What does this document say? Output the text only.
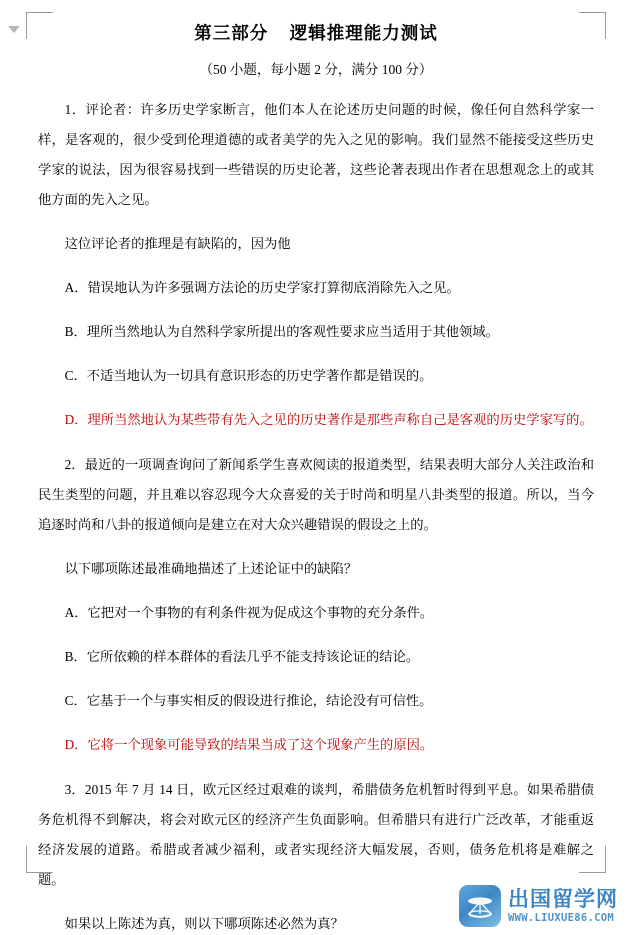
第三部分    逻辑推理能力测试

（50 小题，每小题 2 分，满分 100 分）

1．评论者：许多历史学家断言，他们本人在论述历史问题的时候，像任何自然科学家一样，是客观的，很少受到伦理道德的或者美学的先入之见的影响。我们显然不能接受这些历史学家的说法，因为很容易找到一些错误的历史论著，这些论著表现出作者在思想观念上的或其他方面的先入之见。

这位评论者的推理是有缺陷的，因为他

A．错误地认为许多强调方法论的历史学家打算彻底消除先入之见。

B．理所当然地认为自然科学家所提出的客观性要求应当适用于其他领域。

C．不适当地认为一切具有意识形态的历史学著作都是错误的。

D．理所当然地认为某些带有先入之见的历史著作是那些声称自己是客观的历史学家写的。

2．最近的一项调查询问了新闻系学生喜欢阅读的报道类型，结果表明大部分人关注政治和民生类型的问题，并且难以容忍现今大众喜爱的关于时尚和明星八卦类型的报道。所以，当今追逐时尚和八卦的报道倾向是建立在对大众兴趣错误的假设之上的。

以下哪项陈述最准确地描述了上述论证中的缺陷？

A．它把对一个事物的有利条件视为促成这个事物的充分条件。

B．它所依赖的样本群体的看法几乎不能支持该论证的结论。

C．它基于一个与事实相反的假设进行推论，结论没有可信性。

D．它将一个现象可能导致的结果当成了这个现象产生的原因。

3．2015 年 7 月 14 日，欧元区经过艰难的谈判，希腊债务危机暂时得到平息。如果希腊债务危机得不到解决，将会对欧元区的经济产生负面影响。但希腊只有进行广泛改革，才能重返经济发展的道路。希腊或者减少福利，或者实现经济大幅发展，否则，债务危机将是难解之题。

如果以上陈述为真，则以下哪项陈述必然为真？

出国留学网
WWW.LIUXUE86.COM
